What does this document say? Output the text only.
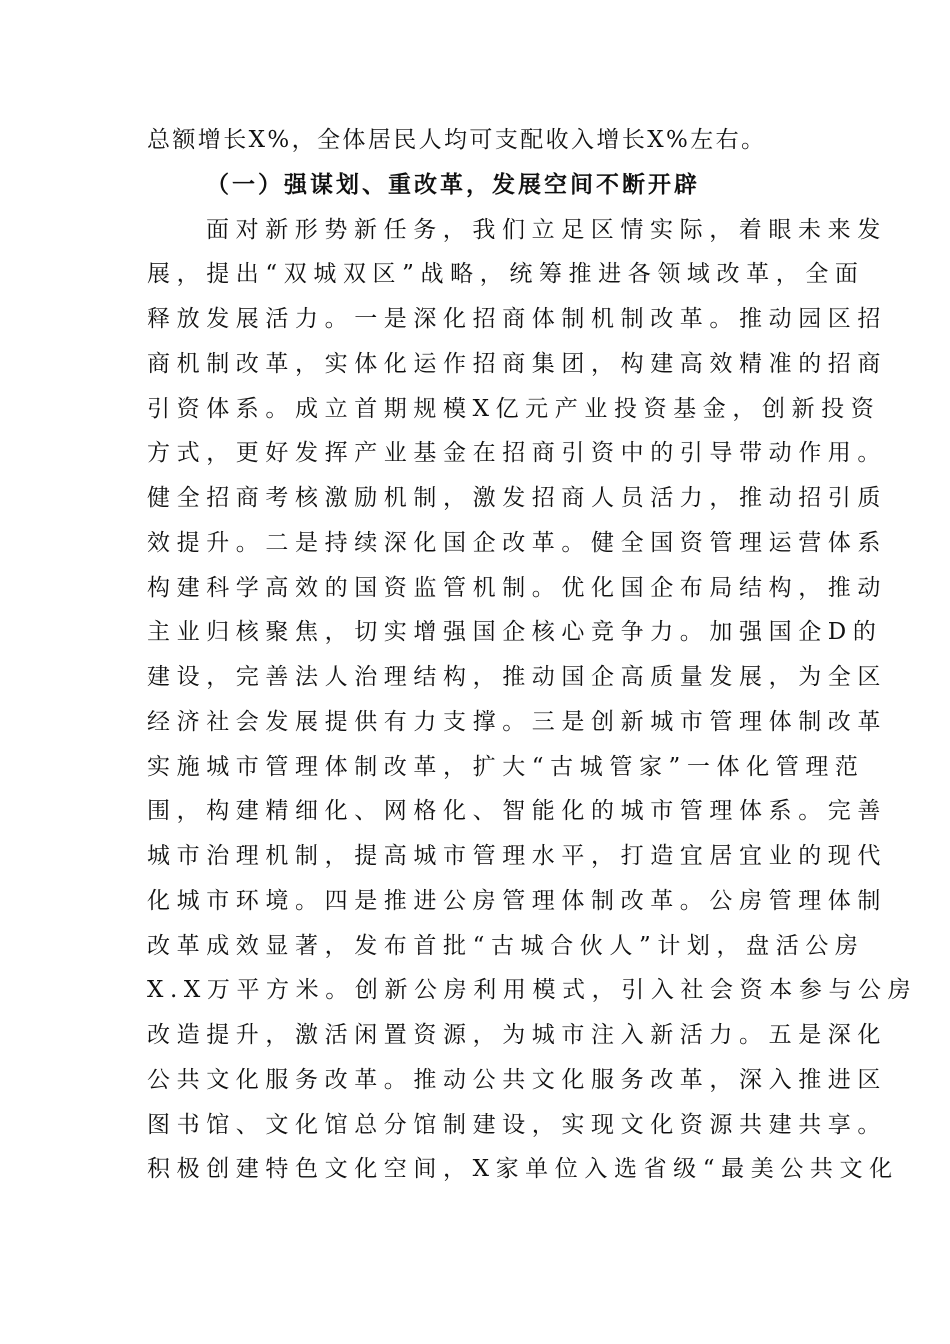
总额增长X%，全体居民人均可支配收入增长X%左右。
（一）强谋划、重改革，发展空间不断开辟
面对新形势新任务，我们立足区情实际，着眼未来发
展，提出“双城双区”战略，统筹推进各领域改革，全面
释放发展活力。一是深化招商体制机制改革。推动园区招
商机制改革，实体化运作招商集团，构建高效精准的招商
引资体系。成立首期规模X亿元产业投资基金，创新投资
方式，更好发挥产业基金在招商引资中的引导带动作用。
健全招商考核激励机制，激发招商人员活力，推动招引质
效提升。二是持续深化国企改革。健全国资管理运营体系
构建科学高效的国资监管机制。优化国企布局结构，推动
主业归核聚焦，切实增强国企核心竞争力。加强国企D的
建设，完善法人治理结构，推动国企高质量发展，为全区
经济社会发展提供有力支撑。三是创新城市管理体制改革
实施城市管理体制改革，扩大“古城管家”一体化管理范
围，构建精细化、网格化、智能化的城市管理体系。完善
城市治理机制，提高城市管理水平，打造宜居宜业的现代
化城市环境。四是推进公房管理体制改革。公房管理体制
改革成效显著，发布首批“古城合伙人”计划，盘活公房
X.X万平方米。创新公房利用模式，引入社会资本参与公房
改造提升，激活闲置资源，为城市注入新活力。五是深化
公共文化服务改革。推动公共文化服务改革，深入推进区
图书馆、文化馆总分馆制建设，实现文化资源共建共享。
积极创建特色文化空间，X家单位入选省级“最美公共文化
